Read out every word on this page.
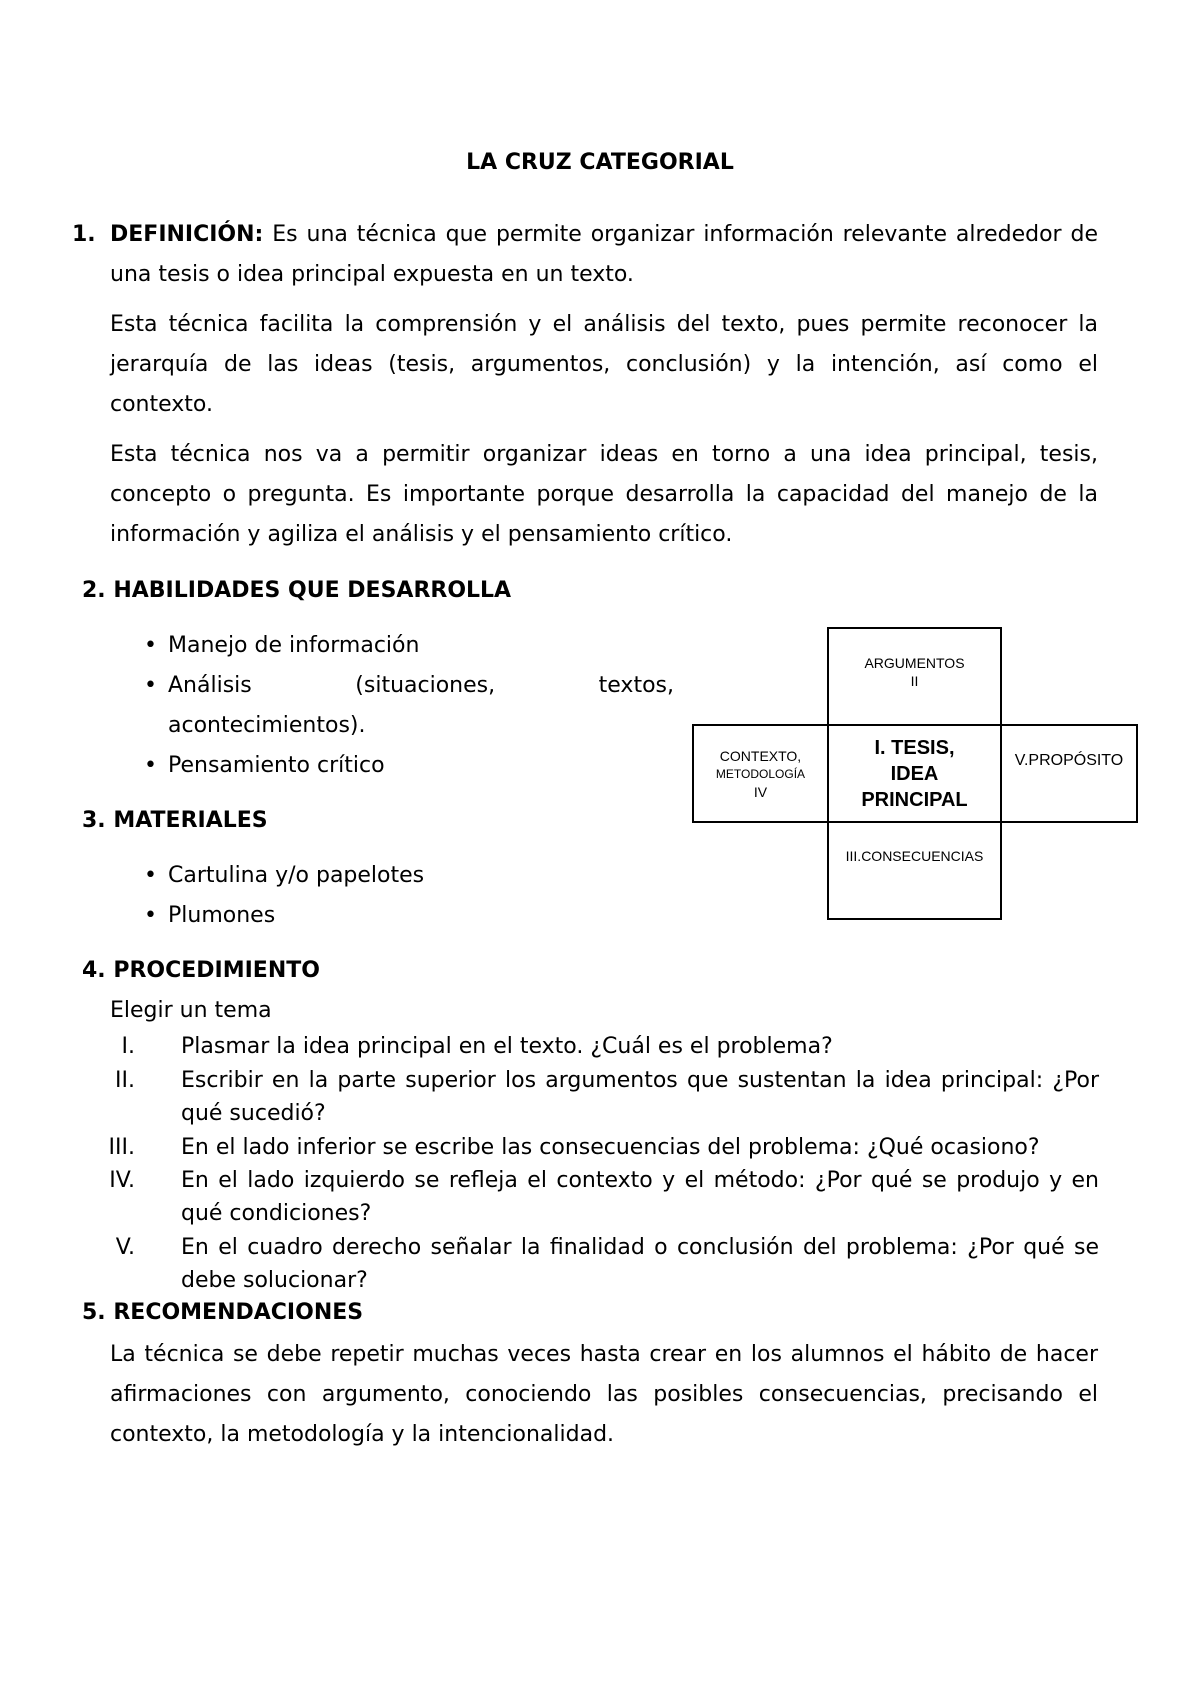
LA CRUZ CATEGORIAL
1. DEFINICIÓN: Es una técnica que permite organizar información relevante alrededor de una tesis o idea principal expuesta en un texto.
Esta técnica facilita la comprensión y el análisis del texto, pues permite reconocer la jerarquía de las ideas (tesis, argumentos, conclusión) y la intención, así como el contexto.
Esta técnica nos va a permitir organizar ideas en torno a una idea principal, tesis, concepto o pregunta. Es importante porque desarrolla la capacidad del manejo de la información y agiliza el análisis y el pensamiento crítico.
2. HABILIDADES QUE DESARROLLA
• Manejo de información
• Análisis (situaciones, textos, acontecimientos).
• Pensamiento crítico
3. MATERIALES
• Cartulina y/o papelotes
• Plumones
ARGUMENTOS
II
CONTEXTO,
METODOLOGÍA
IV
I. TESIS,
IDEA
PRINCIPAL
V.PROPÓSITO
III.CONSECUENCIAS
4. PROCEDIMIENTO
Elegir un tema
I. Plasmar la idea principal en el texto. ¿Cuál es el problema?
II. Escribir en la parte superior los argumentos que sustentan la idea principal: ¿Por qué sucedió?
III. En el lado inferior se escribe las consecuencias del problema: ¿Qué ocasiono?
IV. En el lado izquierdo se refleja el contexto y el método: ¿Por qué se produjo y en qué condiciones?
V. En el cuadro derecho señalar la finalidad o conclusión del problema: ¿Por qué se debe solucionar?
5. RECOMENDACIONES
La técnica se debe repetir muchas veces hasta crear en los alumnos el hábito de hacer afirmaciones con argumento, conociendo las posibles consecuencias, precisando el contexto, la metodología y la intencionalidad.
